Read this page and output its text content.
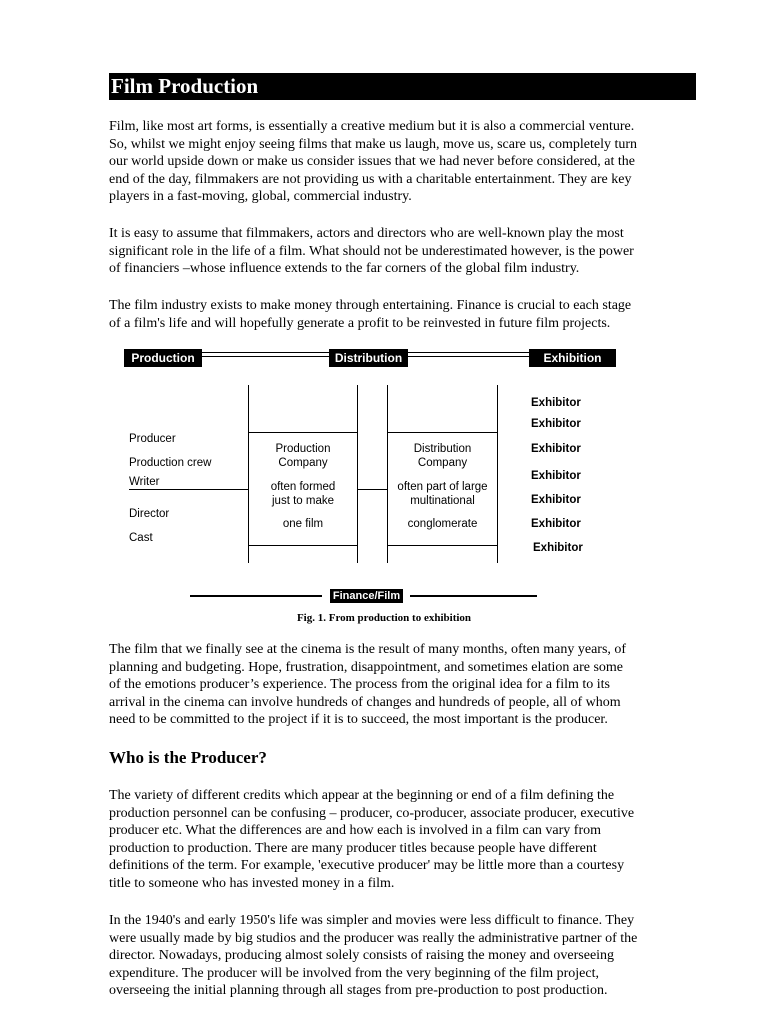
Film Production

Film, like most art forms, is essentially a creative medium but it is also a commercial venture.
So, whilst we might enjoy seeing films that make us laugh, move us, scare us, completely turn
our world upside down or make us consider issues that we had never before considered, at the
end of the day, filmmakers are not providing us with a charitable entertainment. They are key
players in a fast-moving, global, commercial industry.

It is easy to assume that filmmakers, actors and directors who are well-known play the most
significant role in the life of a film. What should not be underestimated however, is the power
of financiers –whose influence extends to the far corners of the global film industry.

The film industry exists to make money through entertaining. Finance is crucial to each stage
of a film's life and will hopefully generate a profit to be reinvested in future film projects.

Production	Distribution	Exhibition
Producer
Production crew
Writer
Director
Cast
Production
Company
often formed
just to make
one film
Distribution
Company
often part of large
multinational
conglomerate
Exhibitor
Exhibitor
Exhibitor
Exhibitor
Exhibitor
Exhibitor
Exhibitor
Finance/Film
Fig. 1. From production to exhibition

The film that we finally see at the cinema is the result of many months, often many years, of
planning and budgeting. Hope, frustration, disappointment, and sometimes elation are some
of the emotions producer’s experience. The process from the original idea for a film to its
arrival in the cinema can involve hundreds of changes and hundreds of people, all of whom
need to be committed to the project if it is to succeed, the most important is the producer.

Who is the Producer?

The variety of different credits which appear at the beginning or end of a film defining the
production personnel can be confusing – producer, co-producer, associate producer, executive
producer etc. What the differences are and how each is involved in a film can vary from
production to production. There are many producer titles because people have different
definitions of the term. For example, 'executive producer' may be little more than a courtesy
title to someone who has invested money in a film.

In the 1940's and early 1950's life was simpler and movies were less difficult to finance. They
were usually made by big studios and the producer was really the administrative partner of the
director. Nowadays, producing almost solely consists of raising the money and overseeing
expenditure. The producer will be involved from the very beginning of the film project,
overseeing the initial planning through all stages from pre-production to post production.
